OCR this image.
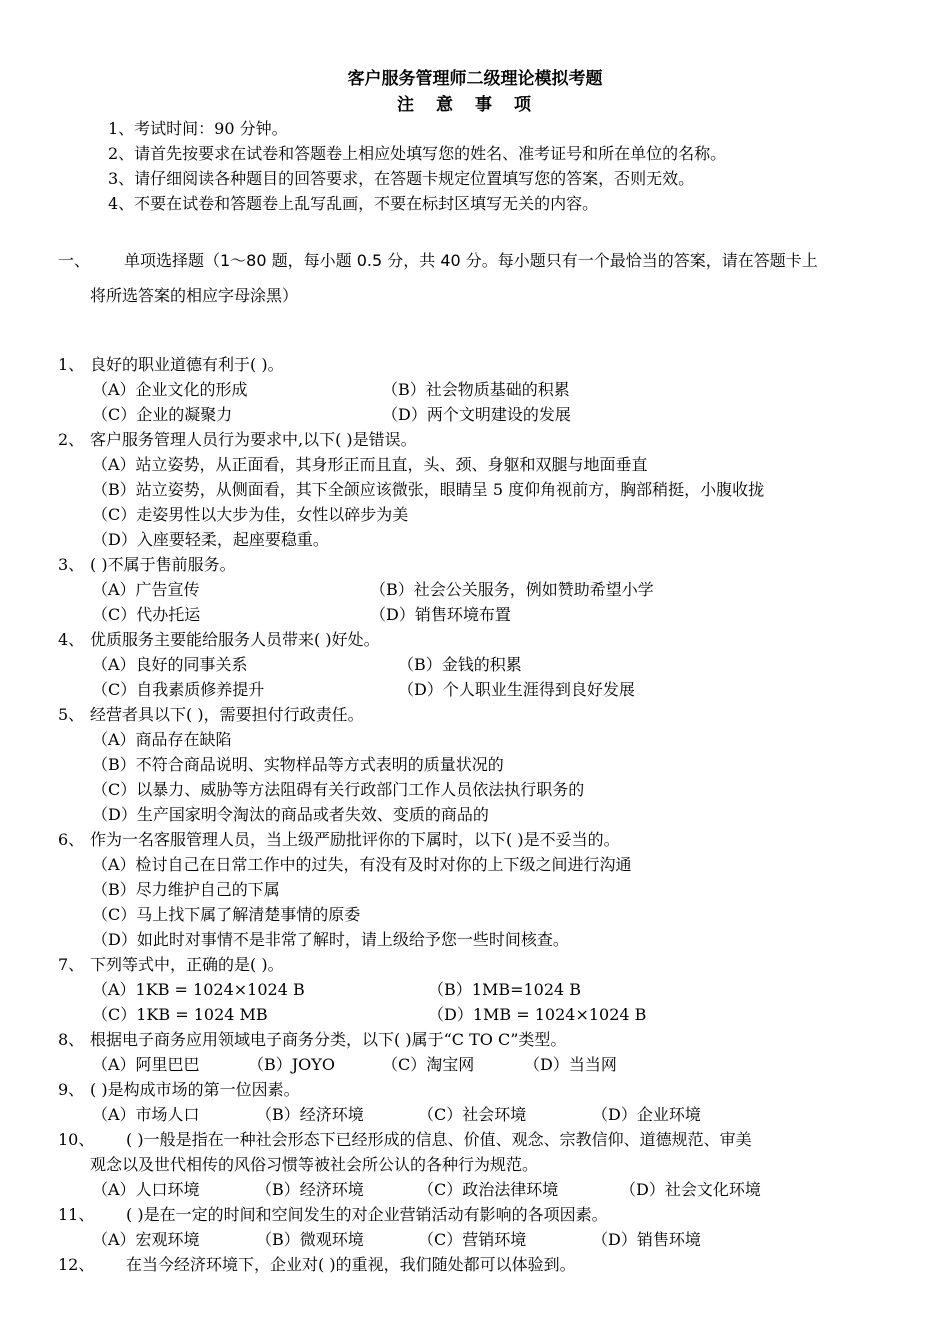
客户服务管理师二级理论模拟考题
注意事项
1、考试时间：90 分钟。
2、请首先按要求在试卷和答题卷上相应处填写您的姓名、准考证号和所在单位的名称。
3、请仔细阅读各种题目的回答要求，在答题卡规定位置填写您的答案，否则无效。
4、不要在试卷和答题卷上乱写乱画，不要在标封区填写无关的内容。
一、 单项选择题（1～80 题，每小题 0.5 分，共 40 分。每小题只有一个最恰当的答案，请在答题卡上
将所选答案的相应字母涂黑）
1、 良好的职业道德有利于( )。
（A）企业文化的形成	（B）社会物质基础的积累
（C）企业的凝聚力	（D）两个文明建设的发展
2、 客户服务管理人员行为要求中,以下( )是错误。
（A）站立姿势，从正面看，其身形正而且直，头、颈、身躯和双腿与地面垂直
（B）站立姿势，从侧面看，其下全颌应该微张，眼睛呈 5 度仰角视前方，胸部稍挺，小腹收拢
（C）走姿男性以大步为佳，女性以碎步为美
（D）入座要轻柔，起座要稳重。
3、 ( )不属于售前服务。
（A）广告宣传	（B）社会公关服务，例如赞助希望小学
（C）代办托运	（D）销售环境布置
4、 优质服务主要能给服务人员带来( )好处。
（A）良好的同事关系	（B）金钱的积累
（C）自我素质修养提升	（D）个人职业生涯得到良好发展
5、 经营者具以下( )，需要担付行政责任。
（A）商品存在缺陷
（B）不符合商品说明、实物样品等方式表明的质量状况的
（C）以暴力、威胁等方法阻碍有关行政部门工作人员依法执行职务的
（D）生产国家明令淘汰的商品或者失效、变质的商品的
6、 作为一名客服管理人员，当上级严励批评你的下属时，以下( )是不妥当的。
（A）检讨自己在日常工作中的过失，有没有及时对你的上下级之间进行沟通
（B）尽力维护自己的下属
（C）马上找下属了解清楚事情的原委
（D）如此时对事情不是非常了解时，请上级给予您一些时间核查。
7、 下列等式中，正确的是( )。
（A）1KB = 1024×1024 B	（B）1MB=1024 B
（C）1KB = 1024 MB	（D）1MB = 1024×1024 B
8、 根据电子商务应用领域电子商务分类，以下( )属于“C TO C”类型。
（A）阿里巴巴	（B）JOYO	（C）淘宝网	（D）当当网
9、 ( )是构成市场的第一位因素。
（A）市场人口	（B）经济环境	（C）社会环境	（D）企业环境
10、 ( )一般是指在一种社会形态下已经形成的信息、价值、观念、宗教信仰、道德规范、审美
观念以及世代相传的风俗习惯等被社会所公认的各种行为规范。
（A）人口环境	（B）经济环境	（C）政治法律环境	（D）社会文化环境
11、 ( )是在一定的时间和空间发生的对企业营销活动有影响的各项因素。
（A）宏观环境	（B）微观环境	（C）营销环境	（D）销售环境
12、 在当今经济环境下，企业对( )的重视，我们随处都可以体验到。
